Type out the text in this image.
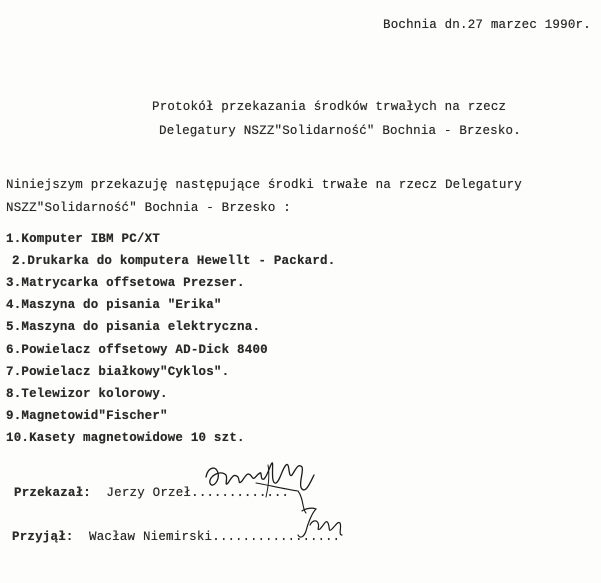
Bochnia dn.27 marzec 1990r.
Protokół przekazania środków trwałych na rzecz
Delegatury NSZZ"Solidarność" Bochnia - Brzesko.
Niniejszym przekazuję następujące środki trwałe na rzecz Delegatury
NSZZ"Solidarność" Bochnia - Brzesko :
1.Komputer IBM PC/XT
2.Drukarka do komputera Hewellt - Packard.
3.Matrycarka offsetowa Prezser.
4.Maszyna do pisania "Erika"
5.Maszyna do pisania elektryczna.
6.Powielacz offsetowy AD-Dick 8400
7.Powielacz białkowy"Cyklos".
8.Telewizor kolorowy.
9.Magnetowid"Fischer"
10.Kasety magnetowidowe 10 szt.
Przekazał: Jerzy Orzeł.............
Przyjął: Wacław Niemirski.................
